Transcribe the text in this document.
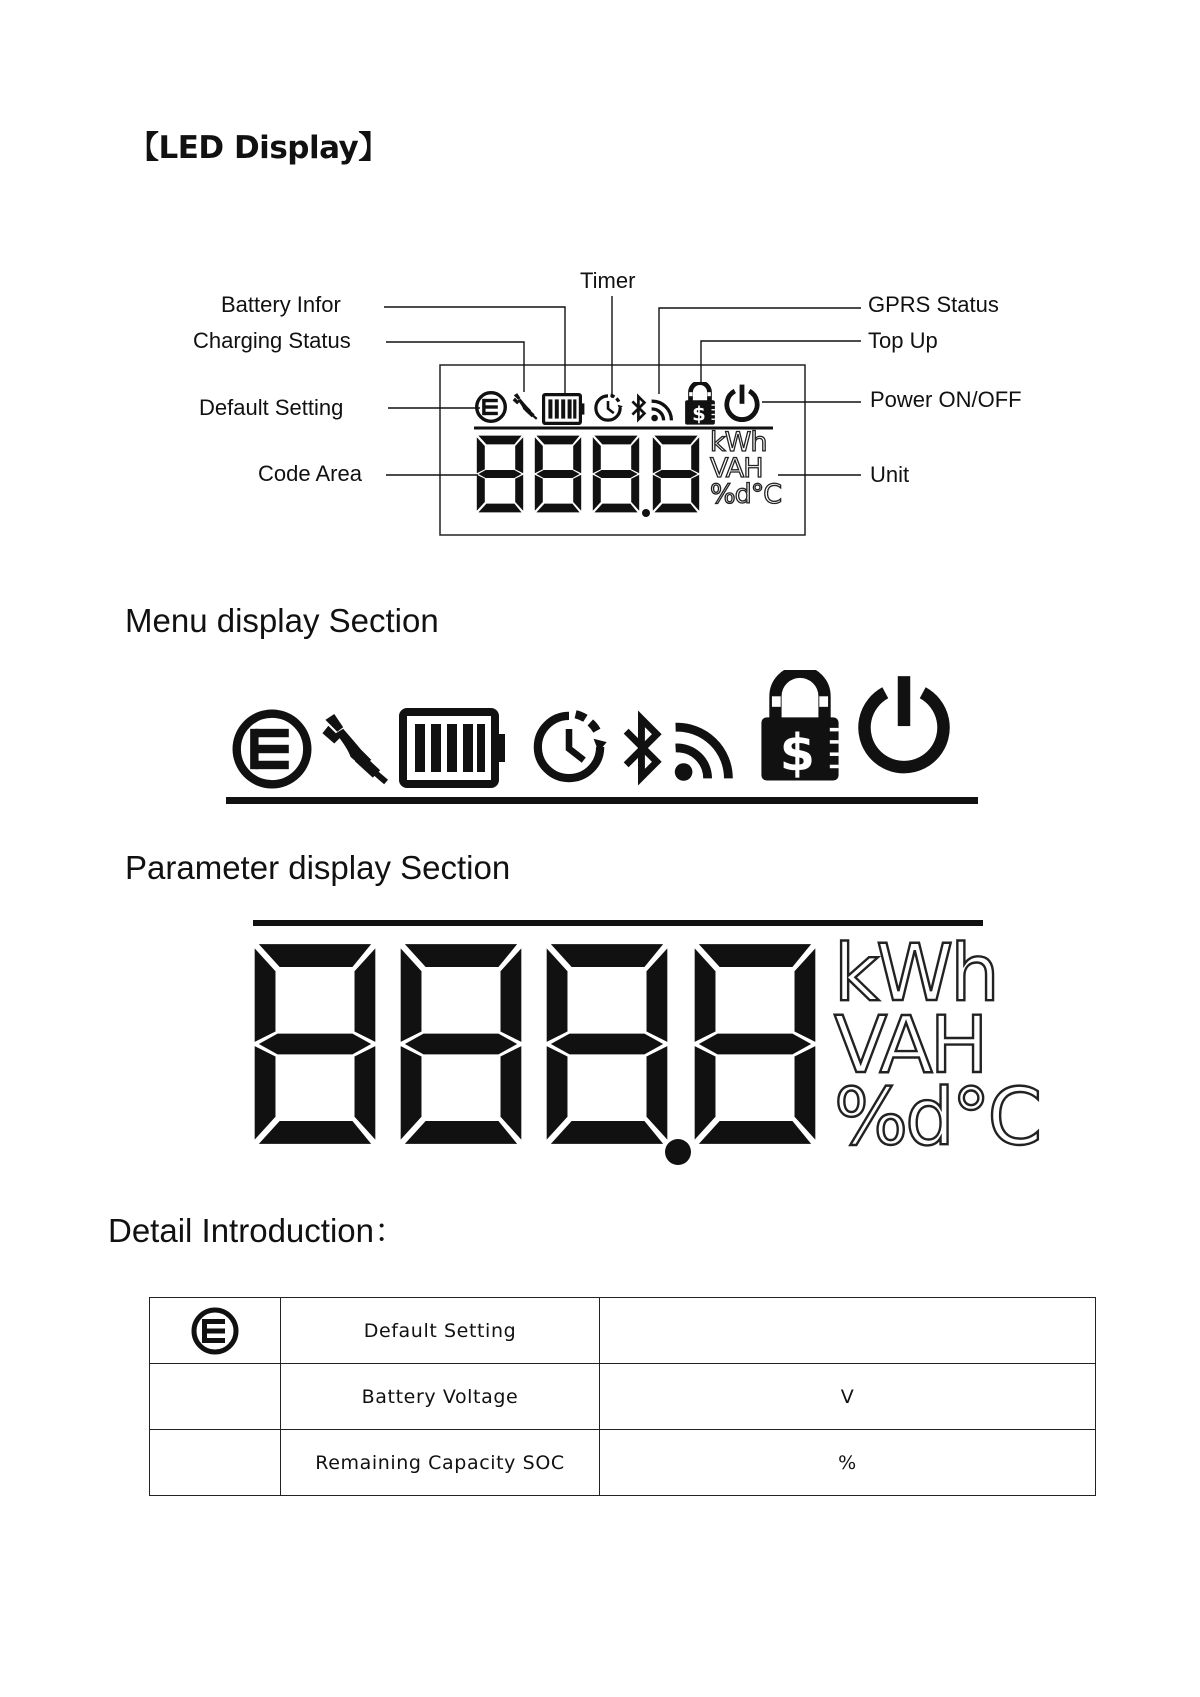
【LED Display】
Timer
Battery Infor
Charging Status
Default Setting
Code Area
GPRS Status
Top Up
Power ON/OFF
Unit
kWh
VAH
%d°C
Menu display Section
Parameter display Section
kWh
VAH
%d°C
Detail Introduction：
	Default Setting	
	Battery Voltage	V
	Remaining Capacity SOC	%
